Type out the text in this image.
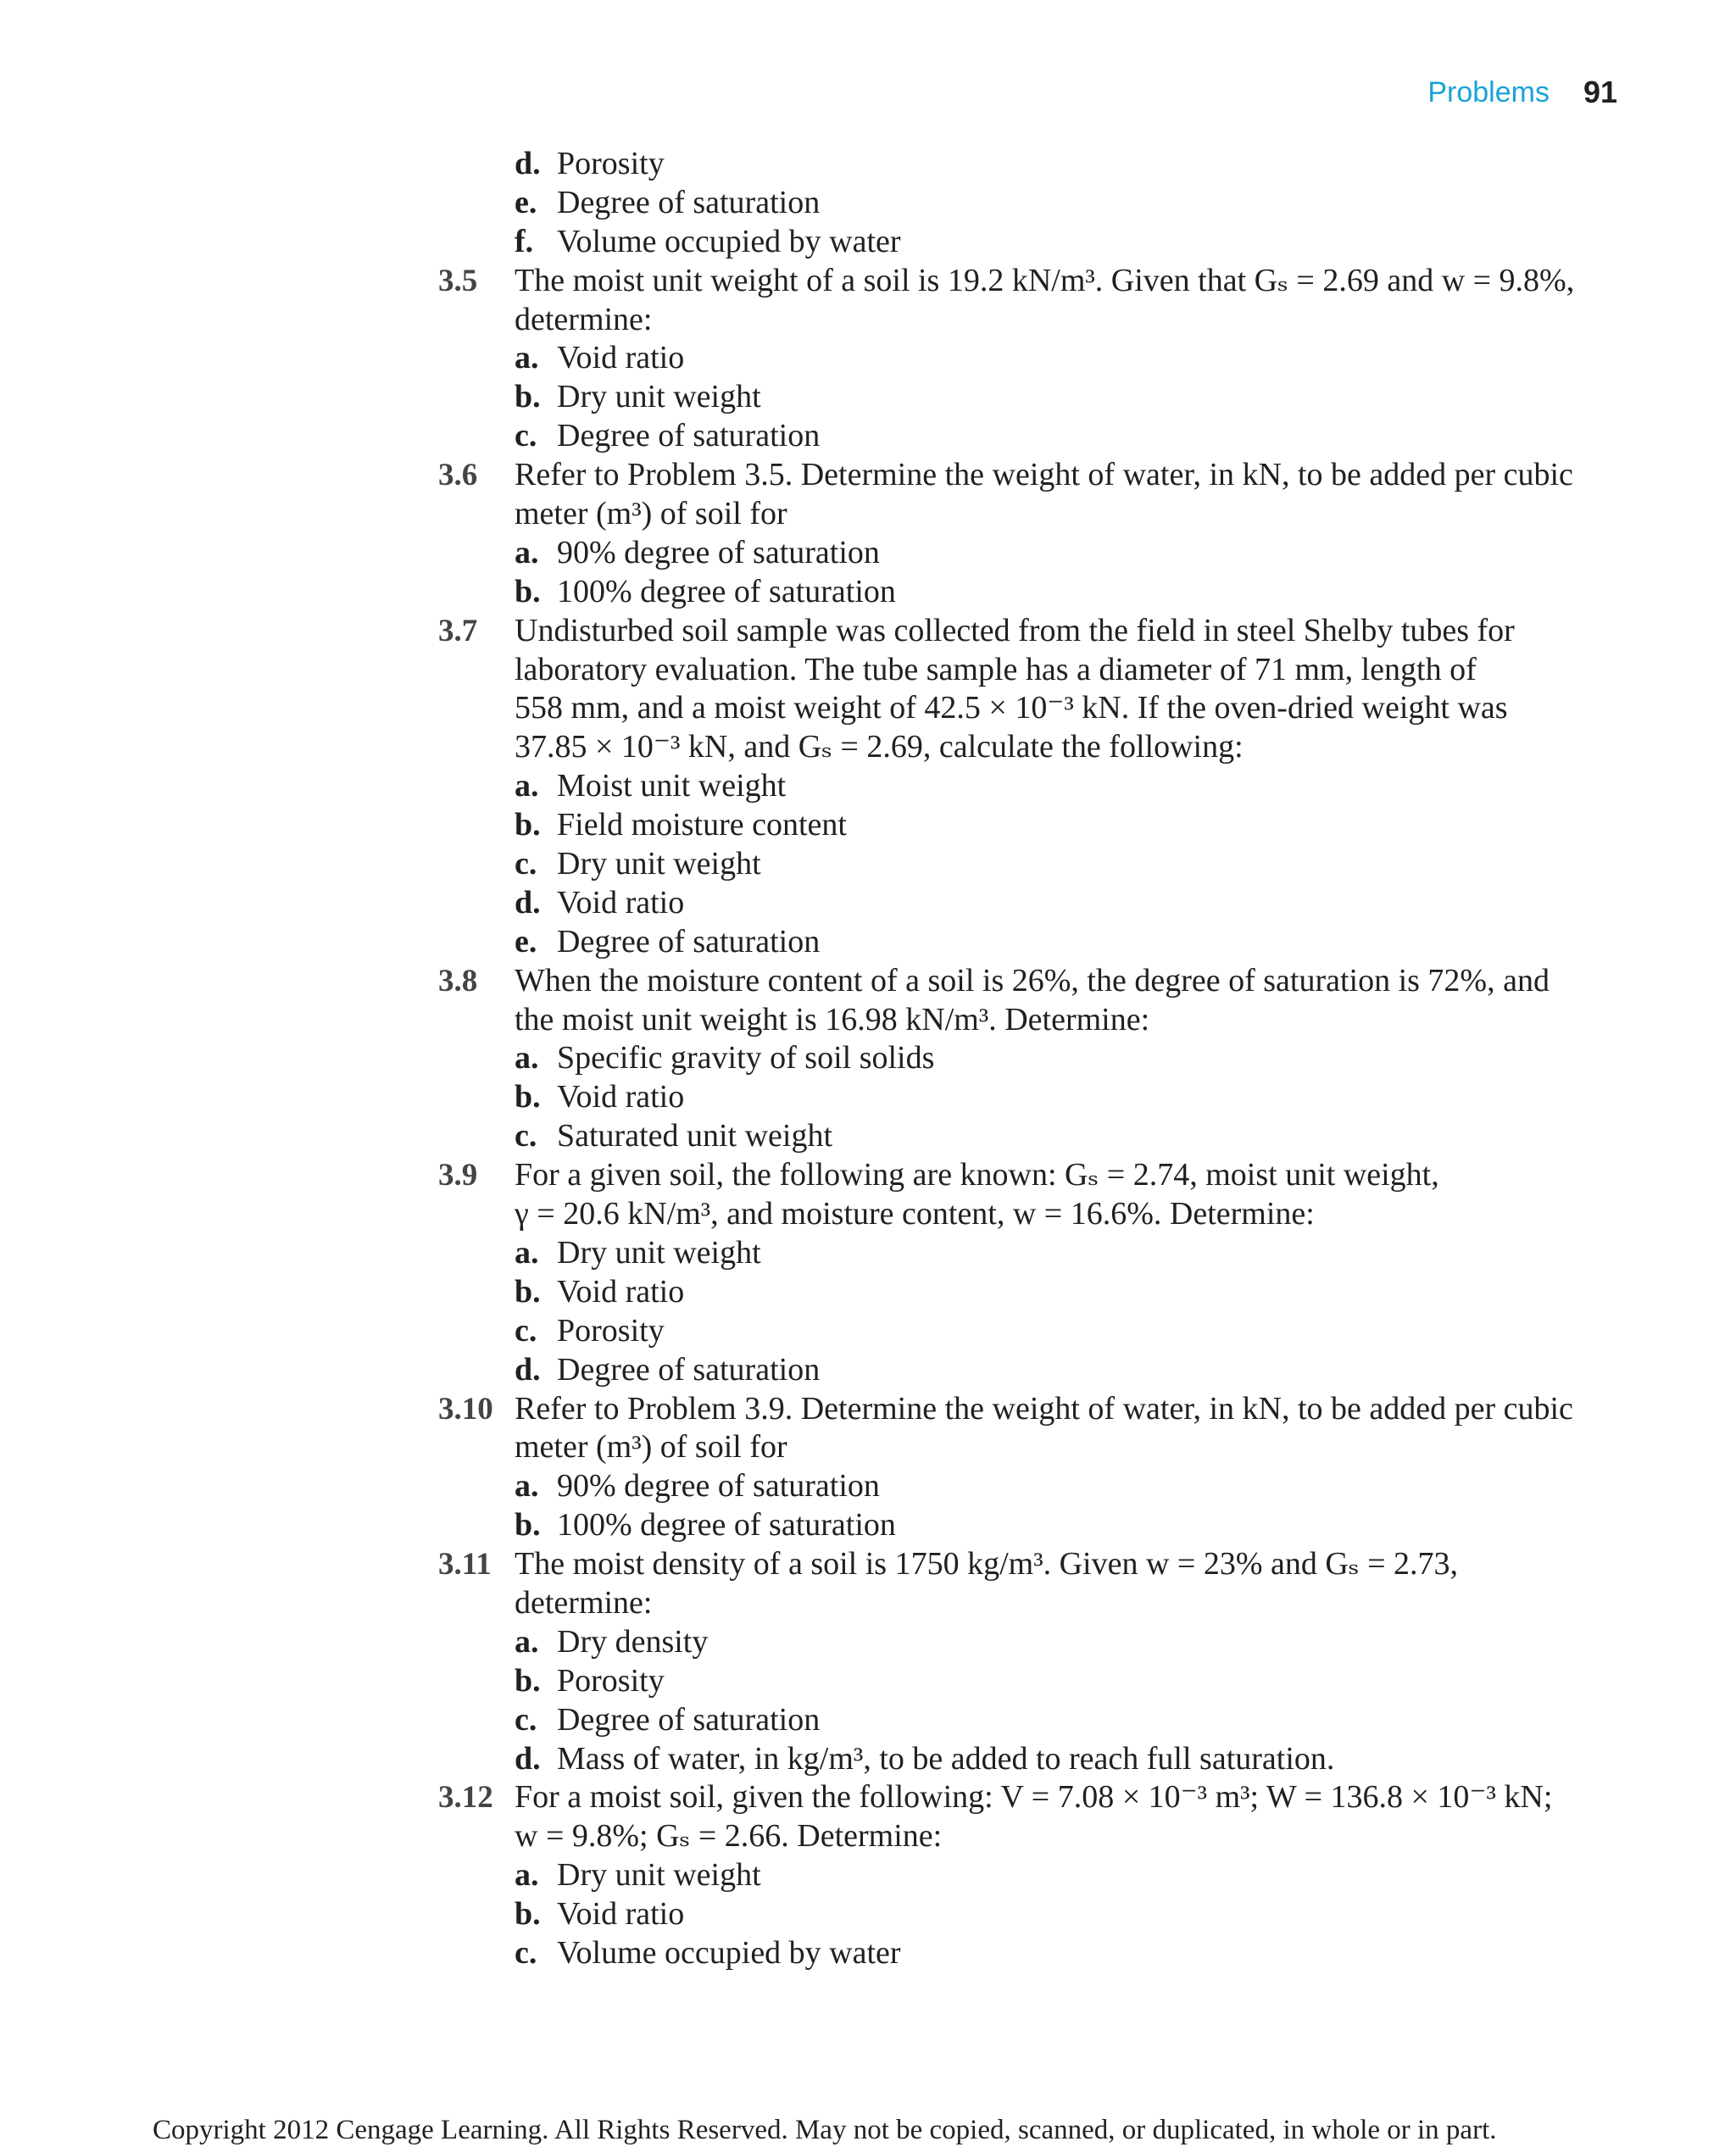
Problems 91
d. Porosity
e. Degree of saturation
f. Volume occupied by water
3.5 The moist unit weight of a soil is 19.2 kN/m³. Given that Gₛ = 2.69 and w = 9.8%,
determine:
a. Void ratio
b. Dry unit weight
c. Degree of saturation
3.6 Refer to Problem 3.5. Determine the weight of water, in kN, to be added per cubic
meter (m³) of soil for
a. 90% degree of saturation
b. 100% degree of saturation
3.7 Undisturbed soil sample was collected from the field in steel Shelby tubes for
laboratory evaluation. The tube sample has a diameter of 71 mm, length of
558 mm, and a moist weight of 42.5 × 10⁻³ kN. If the oven-dried weight was
37.85 × 10⁻³ kN, and Gₛ = 2.69, calculate the following:
a. Moist unit weight
b. Field moisture content
c. Dry unit weight
d. Void ratio
e. Degree of saturation
3.8 When the moisture content of a soil is 26%, the degree of saturation is 72%, and
the moist unit weight is 16.98 kN/m³. Determine:
a. Specific gravity of soil solids
b. Void ratio
c. Saturated unit weight
3.9 For a given soil, the following are known: Gₛ = 2.74, moist unit weight,
γ = 20.6 kN/m³, and moisture content, w = 16.6%. Determine:
a. Dry unit weight
b. Void ratio
c. Porosity
d. Degree of saturation
3.10 Refer to Problem 3.9. Determine the weight of water, in kN, to be added per cubic
meter (m³) of soil for
a. 90% degree of saturation
b. 100% degree of saturation
3.11 The moist density of a soil is 1750 kg/m³. Given w = 23% and Gₛ = 2.73,
determine:
a. Dry density
b. Porosity
c. Degree of saturation
d. Mass of water, in kg/m³, to be added to reach full saturation.
3.12 For a moist soil, given the following: V = 7.08 × 10⁻³ m³; W = 136.8 × 10⁻³ kN;
w = 9.8%; Gₛ = 2.66. Determine:
a. Dry unit weight
b. Void ratio
c. Volume occupied by water
Copyright 2012 Cengage Learning. All Rights Reserved. May not be copied, scanned, or duplicated, in whole or in part.
